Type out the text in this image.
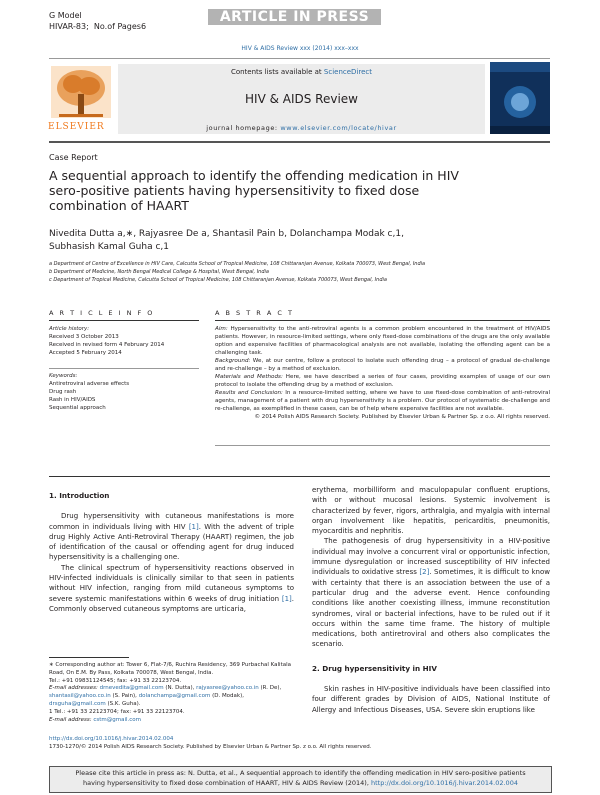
G Model
HIVAR-83; No.of Pages6
ARTICLE IN PRESS
HIV & AIDS Review xxx (2014) xxx–xxx
ELSEVIER
Contents lists available at ScienceDirect
HIV & AIDS Review
journal homepage: www.elsevier.com/locate/hivar
Case Report
A sequential approach to identify the offending medication in HIV sero-positive patients having hypersensitivity to fixed dose combination of HAART
Nivedita Dutta a,∗, Rajyasree De a, Shantasil Pain b, Dolanchampa Modak c,1,
Subhasish Kamal Guha c,1
a Department of Centre of Excellence in HIV Care, Calcutta School of Tropical Medicine, 108 Chittaranjan Avenue, Kolkata 700073, West Bengal, India
b Department of Medicine, North Bengal Medical College & Hospital, West Bengal, India
c Department of Tropical Medicine, Calcutta School of Tropical Medicine, 108 Chittaranjan Avenue, Kolkata 700073, West Bengal, India
A R T I C L E I N F O	A B S T R A C T
Article history:
Received 3 October 2013
Received in revised form 4 February 2014
Accepted 5 February 2014
Keywords:
Antiretroviral adverse effects
Drug rash
Rash in HIV/AIDS
Sequential approach

Aim: Hypersensitivity to the anti-retroviral agents is a common problem encountered in the treatment of HIV/AIDS patients. However, in resource-limited settings, where only fixed-dose combinations of the drugs are the only available option and expensive facilities of pharmacological analysis are not available, isolating the offending agent can be a challenging task.

Background: We, at our centre, follow a protocol to isolate such offending drug – a protocol of gradual de-challenge and re-challenge – by a method of exclusion.

Materials and Methods: Here, we have described a series of four cases, providing examples of usage of our own protocol to isolate the offending drug by a method of exclusion.

Results and Conclusion: In a resource-limited setting, where we have to use fixed-dose combination of anti-retroviral agents, management of a patient with drug hypersensitivity is a problem. Our protocol of systematic de-challenge and re-challenge, as exemplified in these cases, can be of help where expensive facilities are not available.

© 2014 Polish AIDS Research Society. Published by Elsevier Urban & Partner Sp. z o.o. All rights reserved.

1. Introduction

Drug hypersensitivity with cutaneous manifestations is more common in individuals living with HIV [1]. With the advent of triple drug Highly Active Anti-Retroviral Therapy (HAART) regimen, the job of identification of the causal or offending agent for drug induced hypersensitivity is a challenging one.

The clinical spectrum of hypersensitivity reactions observed in HIV-infected individuals is clinically similar to that seen in patients without HIV infection, ranging from mild cutaneous symptoms to severe systemic manifestations within 6 weeks of drug initiation [1]. Commonly observed cutaneous symptoms are urticaria,

erythema, morbilliform and maculopapular confluent eruptions, with or without mucosal lesions. Systemic involvement is characterized by fever, rigors, arthralgia, and myalgia with internal organ involvement like hepatitis, pericarditis, pneumonitis, myocarditis and nephritis.

The pathogenesis of drug hypersensitivity in a HIV-positive individual may involve a concurrent viral or opportunistic infection, immune dysregulation or increased susceptibility of HIV infected individuals to oxidative stress [2]. Sometimes, it is difficult to know with certainty that there is an association between the use of a particular drug and the adverse event. Hence confounding conditions like another coexisting illness, immune reconstitution syndromes, viral or bacterial infections, have to be ruled out if it occurs within the same time frame. The history of multiple medications, both antiretroviral and others also complicates the scenario.

2. Drug hypersensitivity in HIV

Skin rashes in HIV-positive individuals have been classified into four different grades by Division of AIDS, National Institute of Allergy and Infectious Diseases, USA. Severe skin eruptions like

∗ Corresponding author at: Tower 6, Flat-7/6, Ruchira Residency, 369 Purbachal Kalitala Road, On E.M. By Pass, Kolkata 700078, West Bengal, India.

Tel.: +91 09831124545; fax: +91 33 22123704.

E-mail addresses: drnevedita@gmail.com (N. Dutta), rajyasree@yahoo.co.in (R. De), shantasil@yahoo.co.in (S. Pain), dolanchampa@gmail.com (D. Modak), drsguha@gmail.com (S.K. Guha).

1 Tel.: +91 33 22123704; fax: +91 33 22123704.

E-mail address: cstm@gmail.com

http://dx.doi.org/10.1016/j.hivar.2014.02.004
1730-1270/© 2014 Polish AIDS Research Society. Published by Elsevier Urban & Partner Sp. z o.o. All rights reserved.
Please cite this article in press as: N. Dutta, et al., A sequential approach to identify the offending medication in HIV sero-positive patients
having hypersensitivity to fixed dose combination of HAART, HIV & AIDS Review (2014), http://dx.doi.org/10.1016/j.hivar.2014.02.004
